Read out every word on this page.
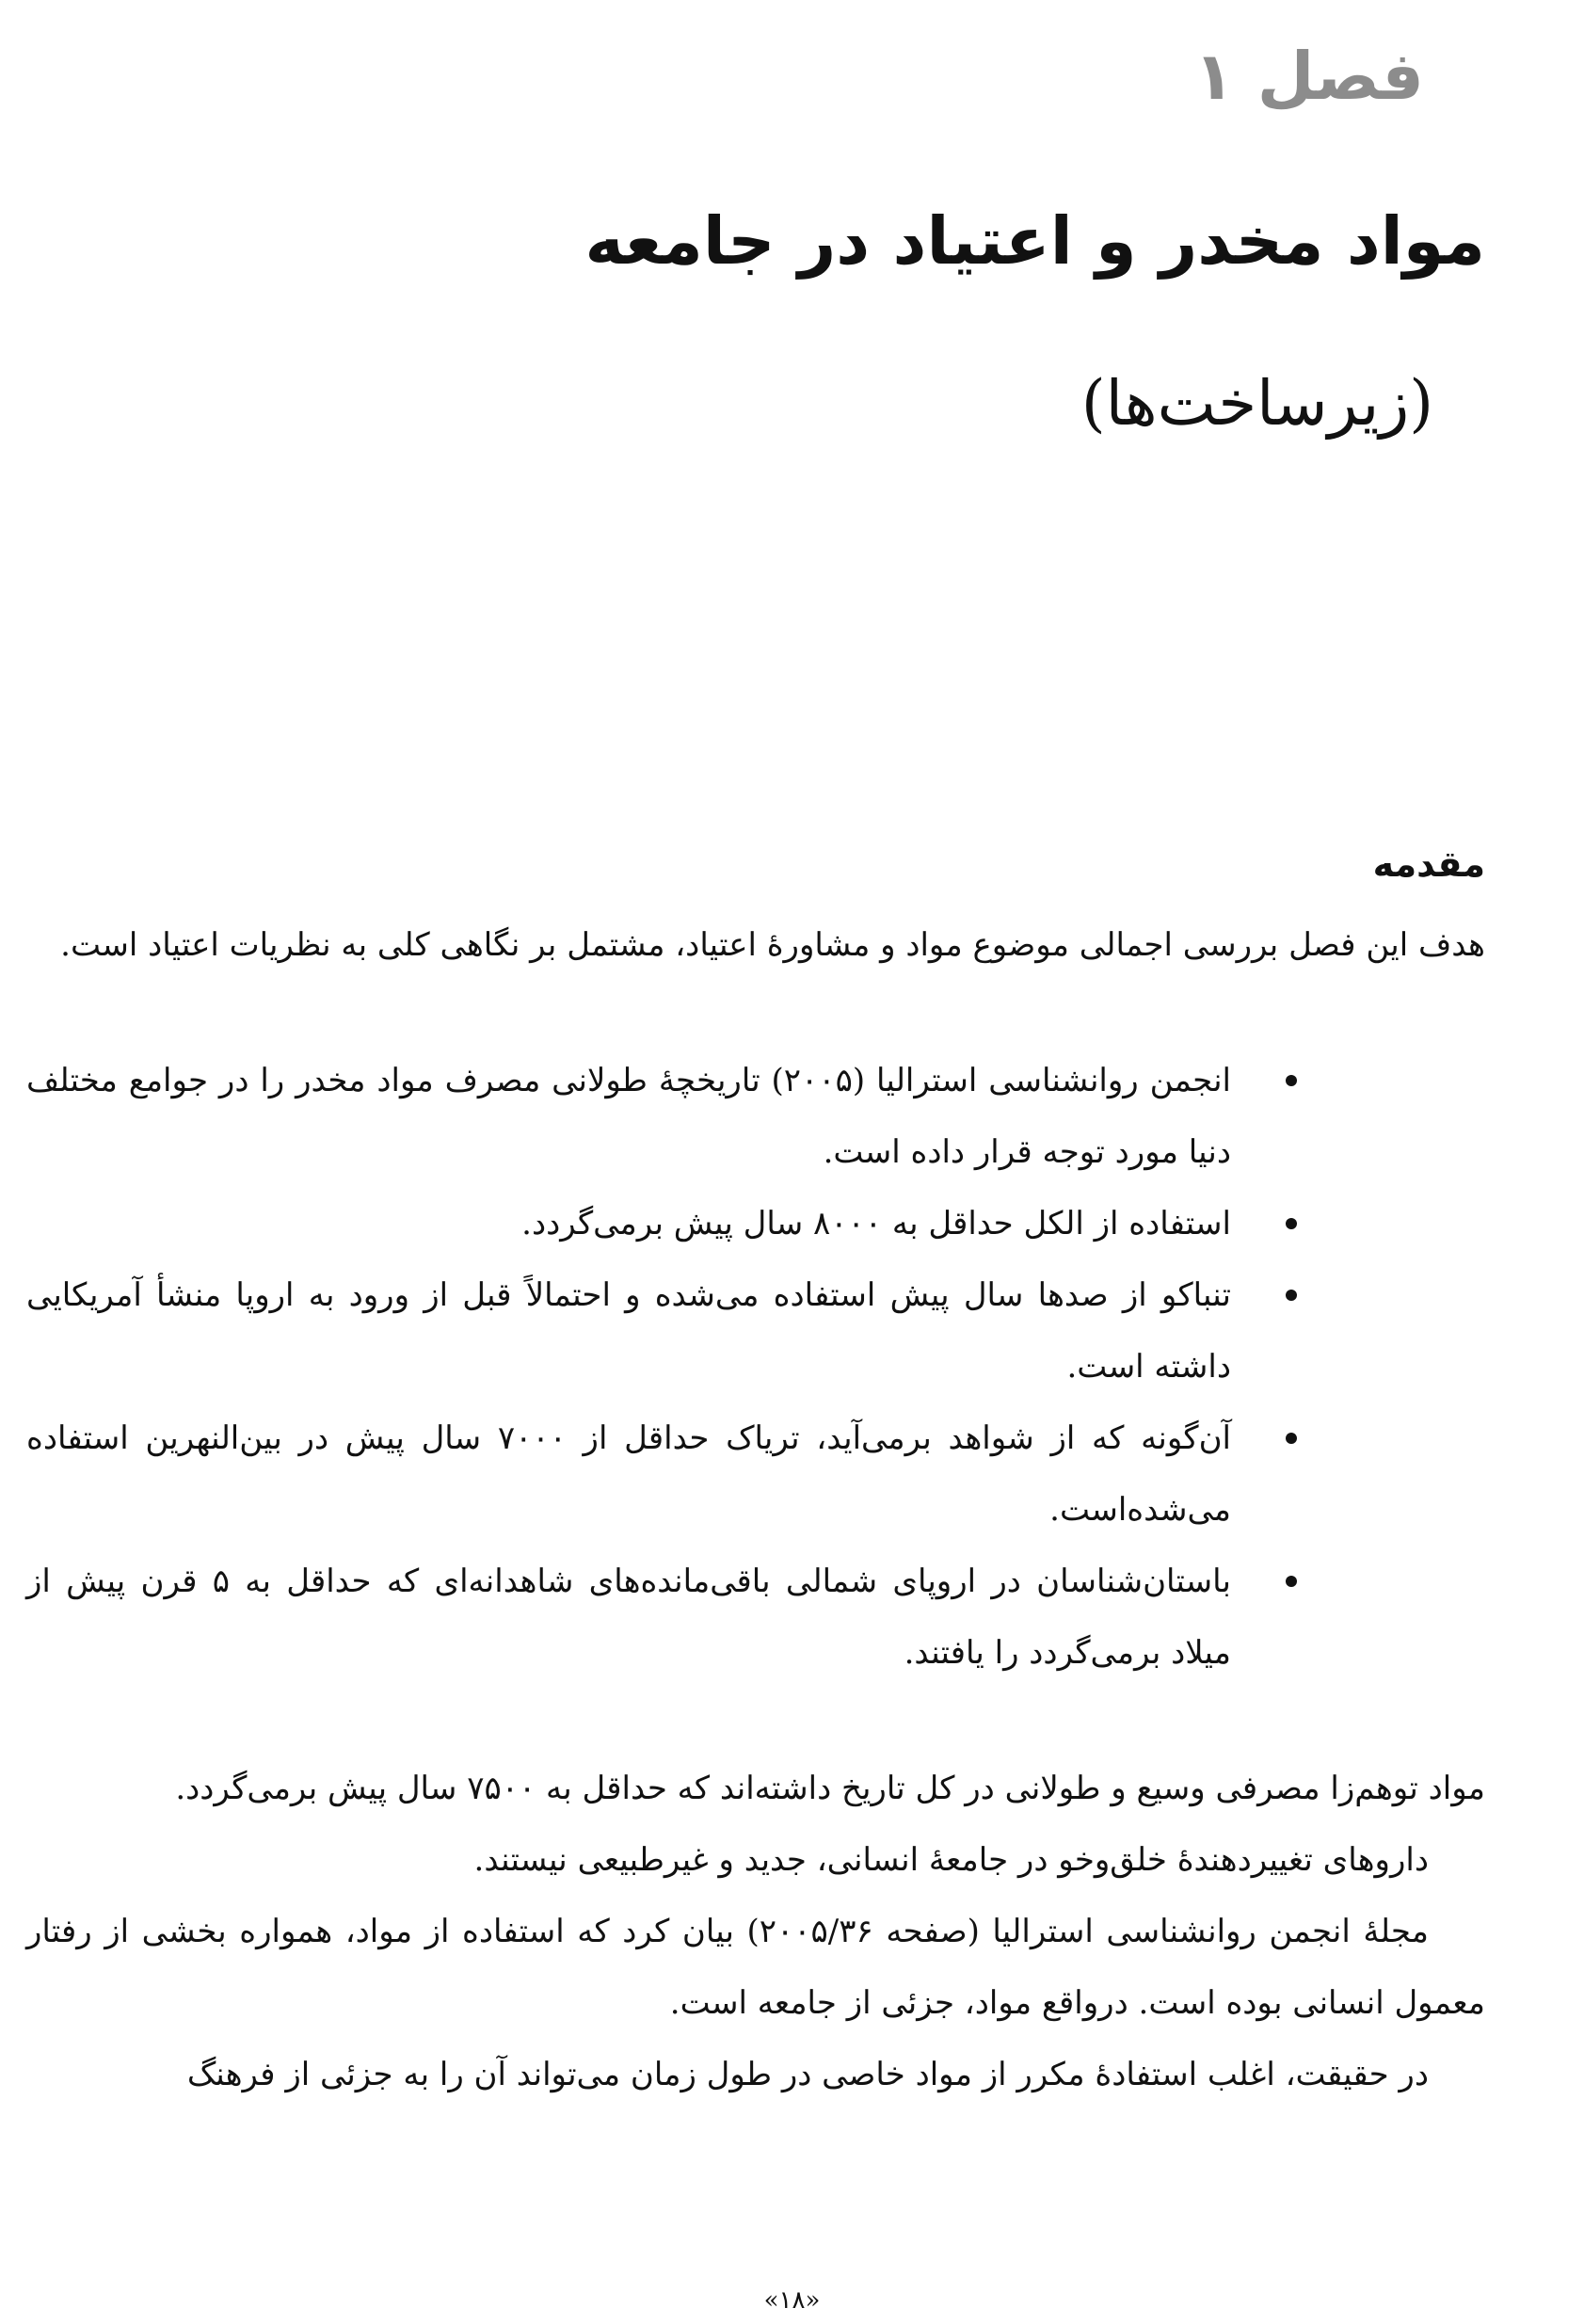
فصل ۱
مواد مخدر و اعتیاد در جامعه
(زیرساخت‌ها)
مقدمه

هدف این فصل بررسی اجمالی موضوع مواد و مشاورهٔ اعتیاد، مشتمل بر نگاهی کلی به نظریات اعتیاد است.

انجمن روانشناسی استرالیا (۲۰۰۵) تاریخچهٔ طولانی مصرف مواد مخدر را در جوامع مختلف دنیا مورد توجه قرار داده است.
استفاده از الکل حداقل به ۸۰۰۰ سال پیش برمی‌گردد.
تنباکو از صدها سال پیش استفاده می‌شده و احتمالاً قبل از ورود به اروپا منشأ آمریکایی داشته است.
آن‌گونه که از شواهد برمی‌آید، تریاک حداقل از ۷۰۰۰ سال پیش در بین‌النهرین استفاده می‌شده‌است.
باستان‌شناسان در اروپای شمالی باقی‌مانده‌های شاهدانه‌ای که حداقل به ۵ قرن پیش از میلاد برمی‌گردد را یافتند.

مواد توهم‌زا مصرفی وسیع و طولانی در کل تاریخ داشته‌اند که حداقل به ۷۵۰۰ سال پیش برمی‌گردد.

داروهای تغییردهندهٔ خلق‌وخو در جامعهٔ انسانی، جدید و غیرطبیعی نیستند.

مجلهٔ انجمن روانشناسی استرالیا (صفحه ۲۰۰۵/۳۶) بیان کرد که استفاده از مواد، همواره بخشی از رفتار معمول انسانی بوده است. درواقع مواد، جزئی از جامعه است.

در حقیقت، اغلب استفادهٔ مکرر از مواد خاصی در طول زمان می‌تواند آن را به جزئی از فرهنگ

«۱۸»
